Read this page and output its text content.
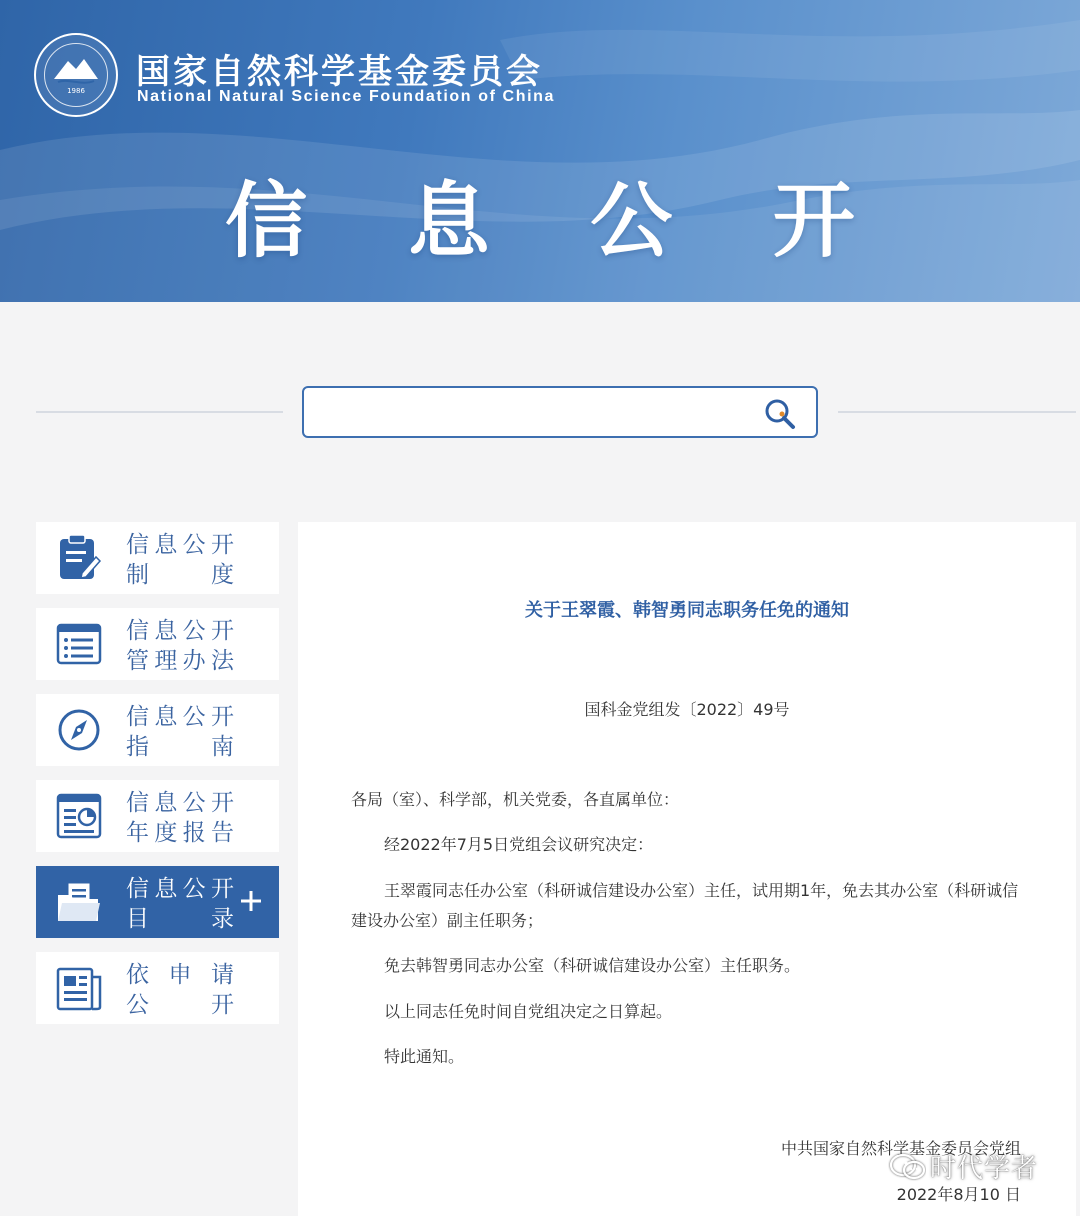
1986 国家自然科学基金委员会
National Natural Science Foundation of China
信 息 公 开
信息公开
制　　度
信息公开
管理办法
信息公开
指　　南
信息公开
年度报告
信息公开
目　　录
依 申 请
公　　开
关于王翠霞、韩智勇同志职务任免的通知
国科金党组发〔2022〕49号
各局（室）、科学部，机关党委，各直属单位：
经2022年7月5日党组会议研究决定：
王翠霞同志任办公室（科研诚信建设办公室）主任，试用期1年，免去其办公室（科研诚信建设办公室）副主任职务；
免去韩智勇同志办公室（科研诚信建设办公室）主任职务。
以上同志任免时间自党组决定之日算起。
特此通知。
中共国家自然科学基金委员会党组
2022年8月10 日
时代学者
